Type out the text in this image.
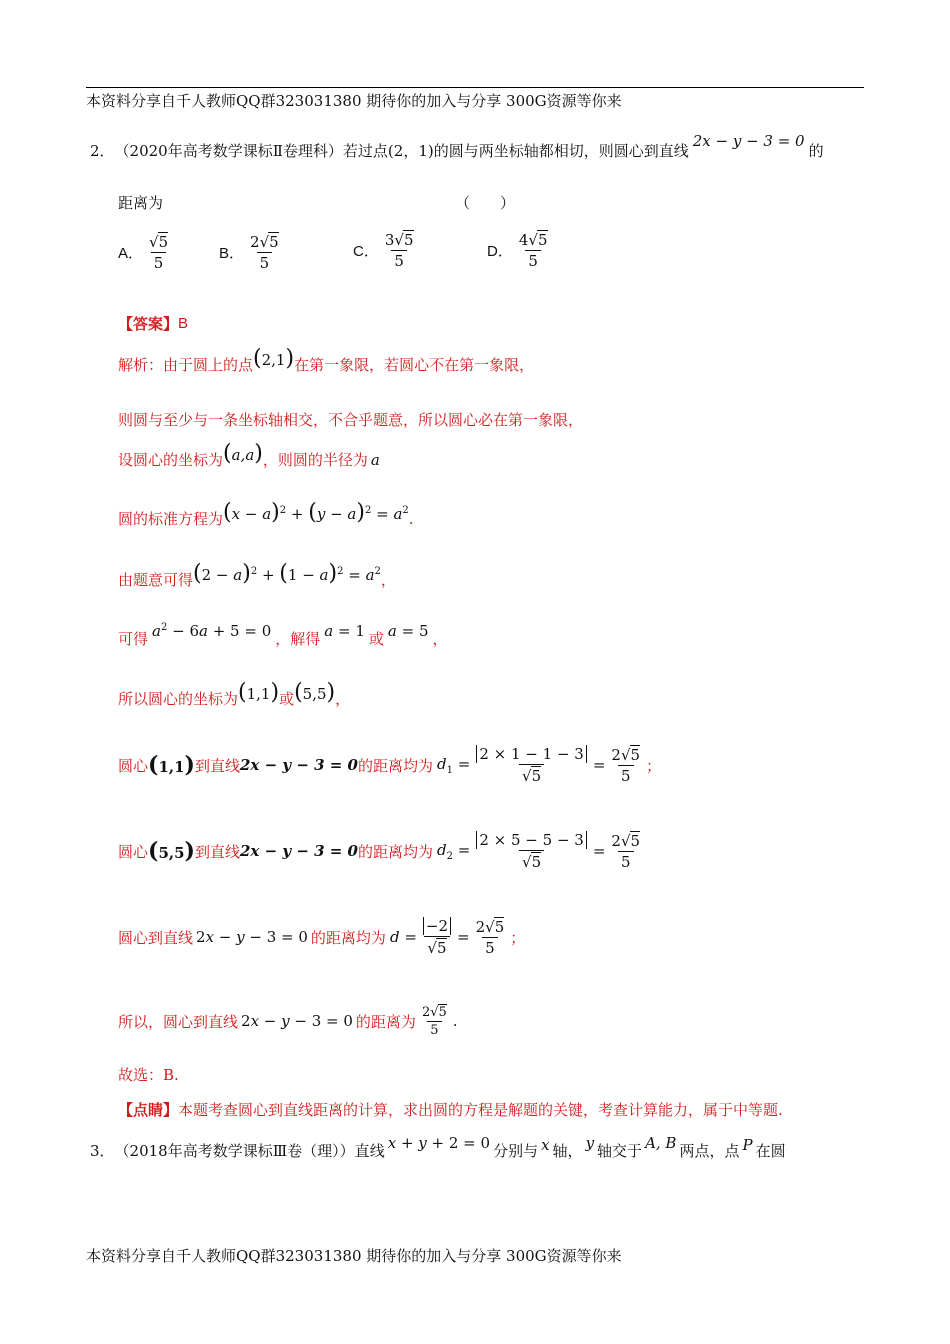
本资料分享自千人教师QQ群323031380 期待你的加入与分享 300G资源等你来
2． （2020年高考数学课标Ⅱ卷理科）若过点(2，1)的圆与两坐标轴都相切，则圆心到直线
2x − y − 3 = 0
的
距离为	（　　）
A． $\frac{√5}{5}$	B． $\frac{2√5}{5}$	C． $\frac{3√5}{5}$	D． $\frac{4√5}{5}$
【答案】 B
解析：由于圆上的点 (2,1) 在第一象限，若圆心不在第一象限，
则圆与至少与一条坐标轴相交，不合乎题意，所以圆心必在第一象限，
设圆心的坐标为 (a,a) ，则圆的半径为 a
圆的标准方程为 $(x - a)^2 + (y - a)^2 = a^2$ .
由题意可得 $(2 - a)^2 + (1 - a)^2 = a^2$ ，
可得 $a^2 - 6a + 5 = 0$ ，解得 a = 1 或 a = 5 ，
所以圆心的坐标为 (1,1) 或 (5,5) ，
圆心 (1,1) 到直线 2x − y − 3 = 0 的距离均为 $d_1 = \frac{2 \times 1 - 1 - 3}{√5} = \frac{2√5}{5}$ ；
圆心 (5,5) 到直线 2x − y − 3 = 0 的距离均为 $d_2 = \frac{2 \times 5 - 5 - 3}{√5} = \frac{2√5}{5}$
圆心到直线 2x − y − 3 = 0 的距离均为 $d = \frac{-2}{√5} = \frac{2√5}{5}$ ；
所以，圆心到直线 2x − y − 3 = 0 的距离为 $\frac{2√5}{5}$ .
故选：B.
【点睛】 本题考查圆心到直线距离的计算，求出圆的方程是解题的关键，考查计算能力，属于中等题.
3． （2018年高考数学课标Ⅲ卷（理））直线 x + y + 2 = 0 分别与 x 轴， y 轴交于 A, B 两点，点 P 在圆
本资料分享自千人教师QQ群323031380 期待你的加入与分享 300G资源等你来
